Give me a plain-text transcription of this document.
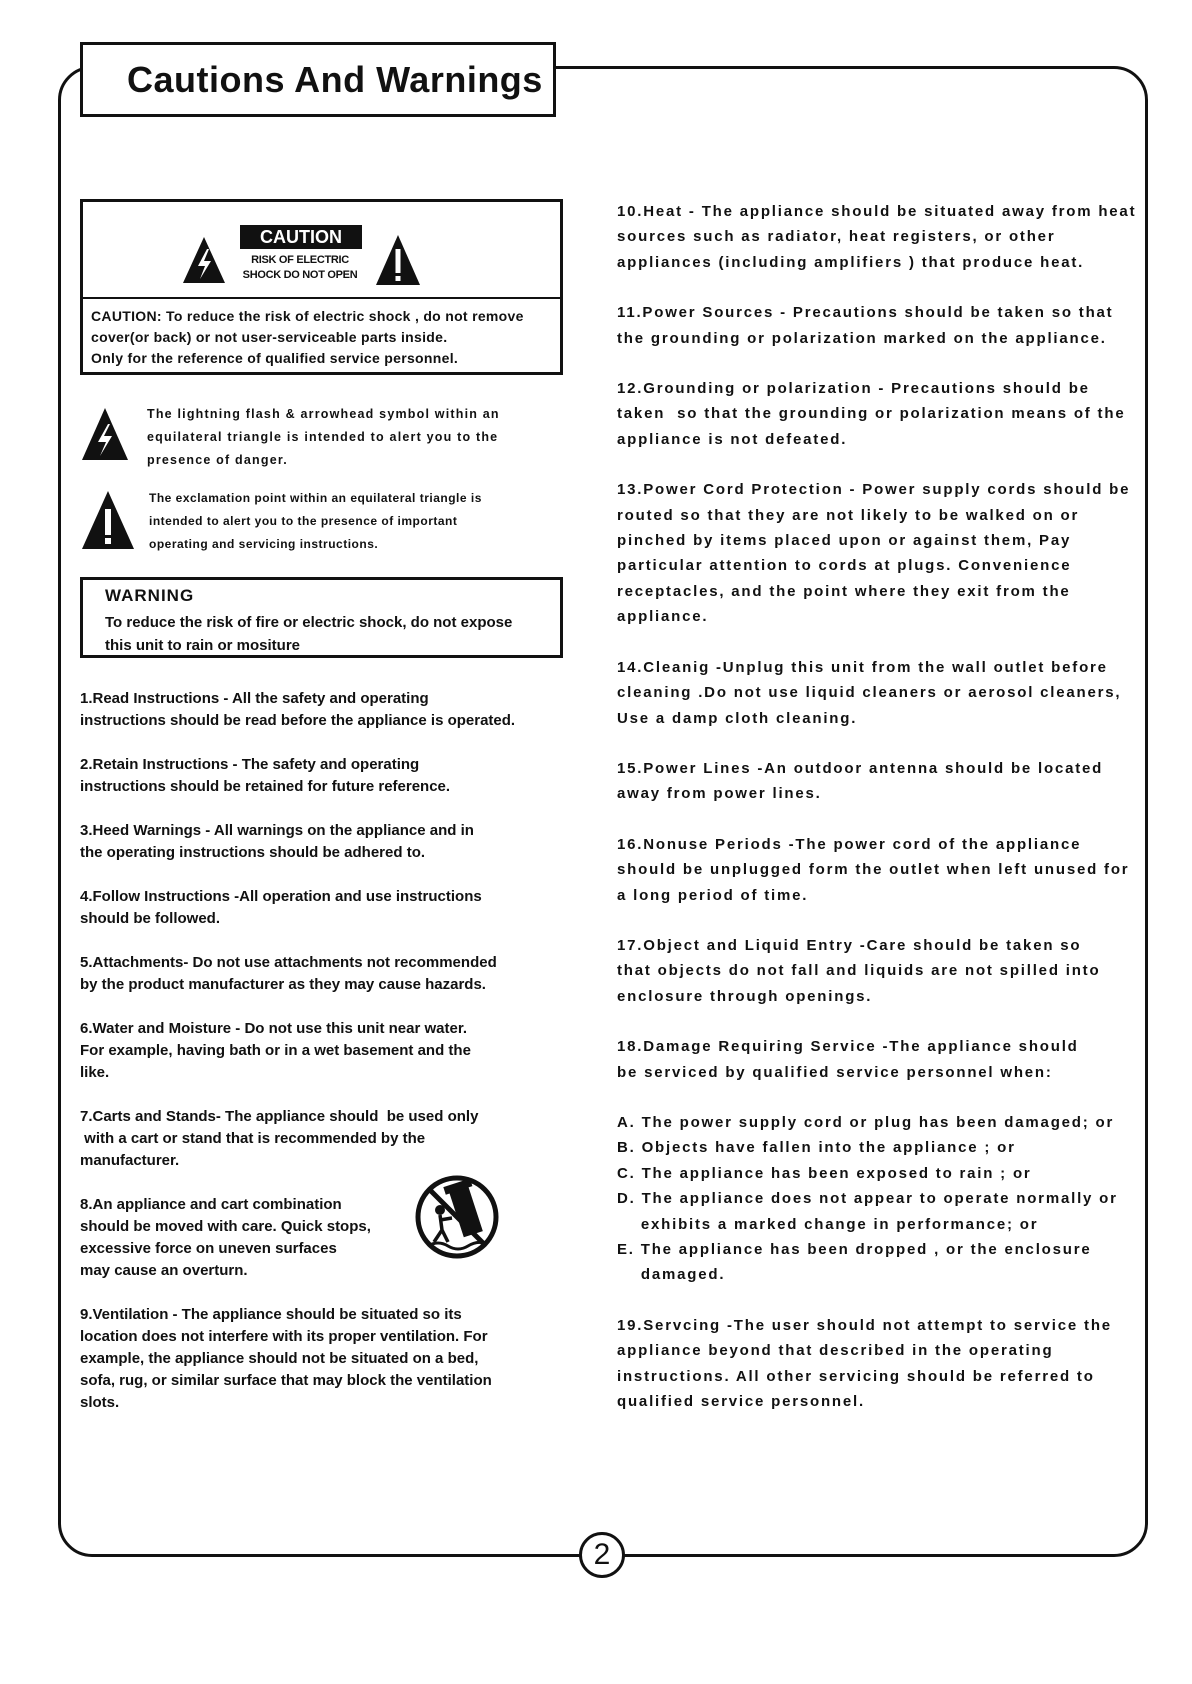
Cautions And Warnings
CAUTION
RISK OF ELECTRIC
SHOCK DO NOT OPEN

CAUTION: To reduce the risk of electric shock , do not remove

cover(or back) or not user-serviceable parts inside.

Only for the reference of qualified service personnel.

The lightning flash & arrowhead symbol within an

equilateral triangle is intended to alert you to the

presence of danger.

The exclamation point within an equilateral triangle is

intended to alert you to the presence of important

operating and servicing instructions.

WARNING

To reduce the risk of fire or electric shock, do not expose

this unit to rain or mositure

1.Read Instructions - All the safety and operating

instructions should be read before the appliance is operated.

2.Retain Instructions - The safety and operating

instructions should be retained for future reference.

3.Heed Warnings - All warnings on the appliance and in

the operating instructions should be adhered to.

4.Follow Instructions -All operation and use instructions

should be followed.

5.Attachments- Do not use attachments not recommended

by the product manufacturer as they may cause hazards.

6.Water and Moisture - Do not use this unit near water.

For example, having bath or in a wet basement and the

like.

7.Carts and Stands- The appliance should  be used only

with a cart or stand that is recommended by the

manufacturer.

8.An appliance and cart combination

should be moved with care. Quick stops,

excessive force on uneven surfaces

may cause an overturn.

9.Ventilation - The appliance should be situated so its

location does not interfere with its proper ventilation. For

example, the appliance should not be situated on a bed,

sofa, rug, or similar surface that may block the ventilation

slots.

10.Heat - The appliance should be situated away from heat

sources such as radiator, heat registers, or other

appliances (including amplifiers ) that produce heat.

11.Power Sources - Precautions should be taken so that

the grounding or polarization marked on the appliance.

12.Grounding or polarization - Precautions should be

taken  so that the grounding or polarization means of the

appliance is not defeated.

13.Power Cord Protection - Power supply cords should be

routed so that they are not likely to be walked on or

pinched by items placed upon or against them, Pay

particular attention to cords at plugs. Convenience

receptacles, and the point where they exit from the

appliance.

14.Cleanig -Unplug this unit from the wall outlet before

cleaning .Do not use liquid cleaners or aerosol cleaners,

Use a damp cloth cleaning.

15.Power Lines -An outdoor antenna should be located

away from power lines.

16.Nonuse Periods -The power cord of the appliance

should be unplugged form the outlet when left unused for

a long period of time.

17.Object and Liquid Entry -Care should be taken so

that objects do not fall and liquids are not spilled into

enclosure through openings.

18.Damage Requiring Service -The appliance should

be serviced by qualified service personnel when:

A. The power supply cord or plug has been damaged; or

B. Objects have fallen into the appliance ; or

C. The appliance has been exposed to rain ; or

D. The appliance does not appear to operate normally or

exhibits a marked change in performance; or

E. The appliance has been dropped , or the enclosure

damaged.

19.Servcing -The user should not attempt to service the

appliance beyond that described in the operating

instructions. All other servicing should be referred to

qualified service personnel.

2
